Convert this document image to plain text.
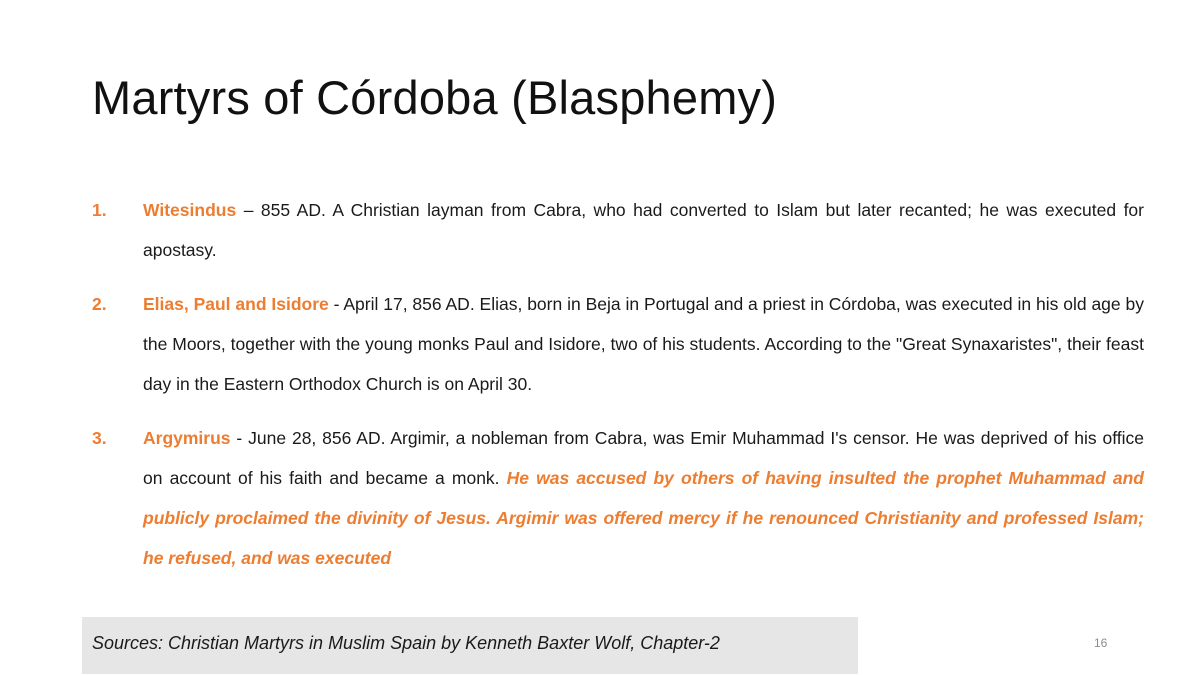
Martyrs of Córdoba (Blasphemy)
1. Witesindus – 855 AD. A Christian layman from Cabra, who had converted to Islam but later recanted; he was executed for apostasy.
2. Elias, Paul and Isidore - April 17, 856 AD. Elias, born in Beja in Portugal and a priest in Córdoba, was executed in his old age by the Moors, together with the young monks Paul and Isidore, two of his students. According to the "Great Synaxaristes", their feast day in the Eastern Orthodox Church is on April 30.
3. Argymirus - June 28, 856 AD. Argimir, a nobleman from Cabra, was Emir Muhammad I's censor. He was deprived of his office on account of his faith and became a monk. He was accused by others of having insulted the prophet Muhammad and publicly proclaimed the divinity of Jesus. Argimir was offered mercy if he renounced Christianity and professed Islam; he refused, and was executed
Sources: Christian Martyrs in Muslim Spain by Kenneth Baxter Wolf, Chapter-2	16
